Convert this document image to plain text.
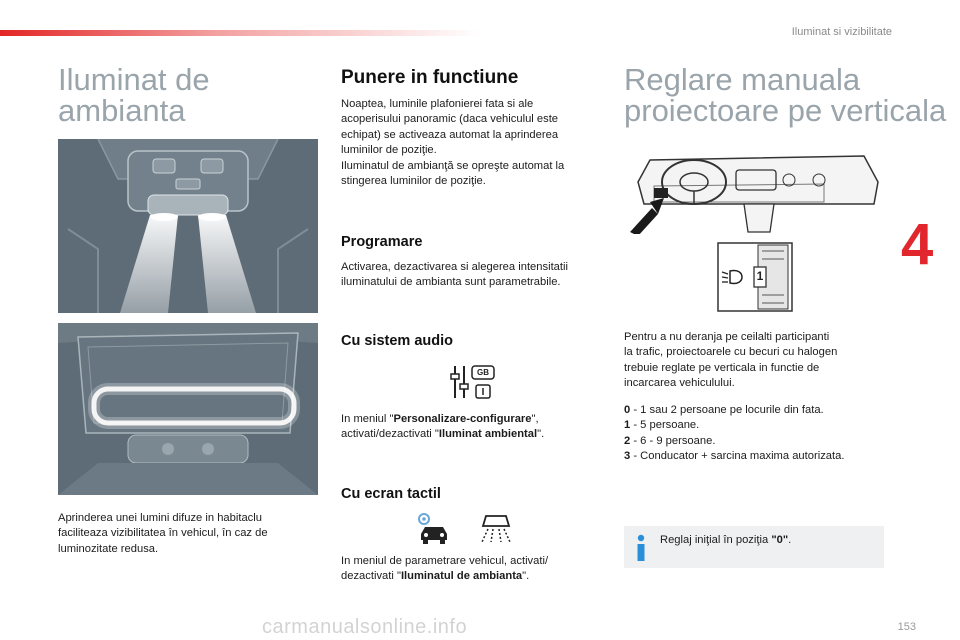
Iluminat si vizibilitate
4

Iluminat de

ambianta

Aprinderea unei lumini difuze in habitaclu

faciliteaza vizibilitatea în vehicul, în caz de

luminozitate redusa.

Punere in functiune

Noaptea, luminile plafonierei fata si ale

acoperisului panoramic (daca vehiculul este

echipat) se activeaza automat la aprinderea

luminilor de poziţie.

Iluminatul de ambianţă se opreşte automat la

stingerea luminilor de poziţie.

Programare

Activarea, dezactivarea si alegerea intensitatii

iluminatului de ambianta sunt parametrabile.

Cu sistem audio

GB

In meniul "Personalizare-configurare",

activati/dezactivati "Iluminat ambiental".

Cu ecran tactil

In meniul de parametrare vehicul, activati/

dezactivati "Iluminatul de ambianta".

Reglare manuala

proiectoare pe verticala

1

Pentru a nu deranja pe ceilalti participanti

la trafic, proiectoarele cu becuri cu halogen

trebuie reglate pe verticala in functie de

incarcarea vehiculului.

0 - 1 sau 2 persoane pe locurile din fata.
1 - 5 persoane.
2 - 6 - 9 persoane.
3 - Conducator + sarcina maxima autorizata.
Reglaj iniţial în poziţia "0".
carmanualsonline.info	153
